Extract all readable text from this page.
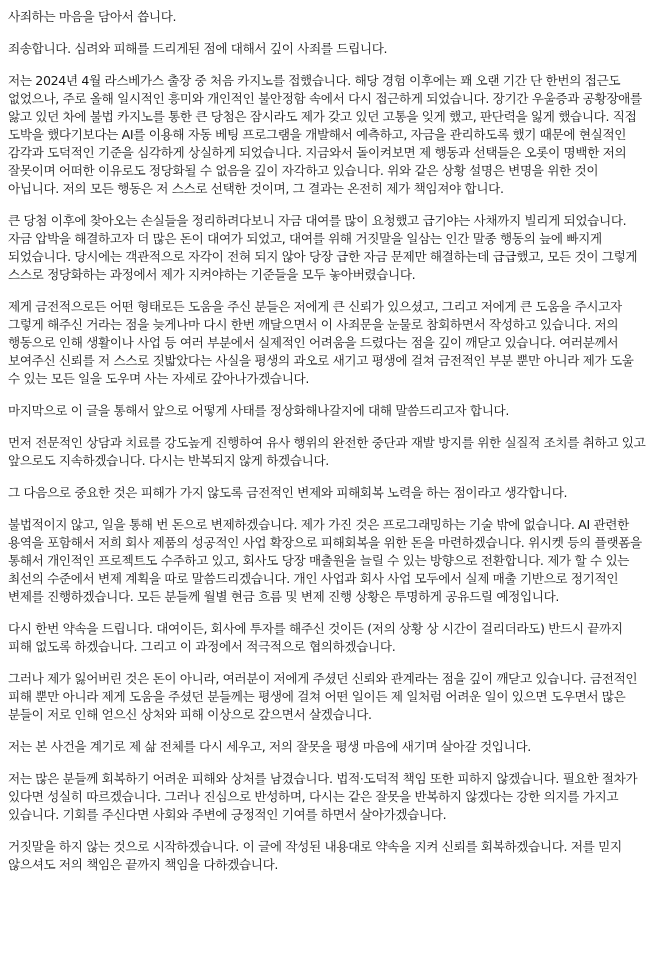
사죄하는 마음을 담아서 씁니다.

죄송합니다. 심려와 피해를 드리게된 점에 대해서 깊이 사죄를 드립니다.

저는 2024년 4월 라스베가스 출장 중 처음 카지노를 접했습니다. 해당 경험 이후에는 꽤 오랜 기간 단 한번의 접근도 없었으나, 주로 올해 일시적인 흥미와 개인적인 불안정함 속에서 다시 접근하게 되었습니다. 장기간 우울증과 공황장애를 앓고 있던 차에 불법 카지노를 통한 큰 당첨은 잠시라도 제가 갖고 있던 고통을 잊게 했고, 판단력을 잃게 했습니다. 직접 도박을 했다기보다는 AI를 이용해 자동 베팅 프로그램을 개발해서 예측하고, 자금을 관리하도록 했기 때문에 현실적인 감각과 도덕적인 기준을 심각하게 상실하게 되었습니다. 지금와서 돌이켜보면 제 행동과 선택들은 오롯이 명백한 저의 잘못이며 어떠한 이유로도 정당화될 수 없음을 깊이 자각하고 있습니다. 위와 같은 상황 설명은 변명을 위한 것이 아닙니다. 저의 모든 행동은 저 스스로 선택한 것이며, 그 결과는 온전히 제가 책임져야 합니다.

큰 당첨 이후에 찾아오는 손실들을 정리하려다보니 자금 대여를 많이 요청했고 급기야는 사채까지 빌리게 되었습니다. 자금 압박을 해결하고자 더 많은 돈이 대여가 되었고, 대여를 위해 거짓말을 일삼는 인간 말종 행동의 늪에 빠지게 되었습니다. 당시에는 객관적으로 자각이 전혀 되지 않아 당장 급한 자금 문제만 해결하는데 급급했고, 모든 것이 그렇게 스스로 정당화하는 과정에서 제가 지켜야하는 기준들을 모두 놓아버렸습니다.

제게 금전적으로든 어떤 형태로든 도움을 주신 분들은 저에게 큰 신뢰가 있으셨고, 그리고 저에게 큰 도움을 주시고자 그렇게 해주신 거라는 점을 늦게나마 다시 한번 깨달으면서 이 사죄문을 눈물로 참회하면서 작성하고 있습니다. 저의 행동으로 인해 생활이나 사업 등 여러 부분에서 실제적인 어려움을 드렸다는 점을 깊이 깨닫고 있습니다. 여러분께서 보여주신 신뢰를 저 스스로 짓밟았다는 사실을 평생의 과오로 새기고 평생에 걸쳐 금전적인 부분 뿐만 아니라 제가 도울 수 있는 모든 일을 도우며 사는 자세로 갚아나가겠습니다.

마지막으로 이 글을 통해서 앞으로 어떻게 사태를 정상화해나갈지에 대해 말씀드리고자 합니다.

먼저 전문적인 상담과 치료를 강도높게 진행하여 유사 행위의 완전한 중단과 재발 방지를 위한 실질적 조치를 취하고 있고 앞으로도 지속하겠습니다. 다시는 반복되지 않게 하겠습니다.

그 다음으로 중요한 것은 피해가 가지 않도록 금전적인 변제와 피해회복 노력을 하는 점이라고 생각합니다.

불법적이지 않고, 일을 통해 번 돈으로 변제하겠습니다. 제가 가진 것은 프로그래밍하는 기술 밖에 없습니다. AI 관련한 용역을 포함해서 저희 회사 제품의 성공적인 사업 확장으로 피해회복을 위한 돈을 마련하겠습니다. 위시켓 등의 플랫폼을 통해서 개인적인 프로젝트도 수주하고 있고, 회사도 당장 매출원을 늘릴 수 있는 방향으로 전환합니다. 제가 할 수 있는 최선의 수준에서 변제 계획을 따로 말씀드리겠습니다. 개인 사업과 회사 사업 모두에서 실제 매출 기반으로 정기적인 변제를 진행하겠습니다. 모든 분들께 월별 현금 흐름 및 변제 진행 상황은 투명하게 공유드릴 예정입니다.

다시 한번 약속을 드립니다. 대여이든, 회사에 투자를 해주신 것이든 (저의 상황 상 시간이 걸리더라도) 반드시 끝까지 피해 없도록 하겠습니다. 그리고 이 과정에서 적극적으로 협의하겠습니다.

그러나 제가 잃어버린 것은 돈이 아니라, 여러분이 저에게 주셨던 신뢰와 관계라는 점을 깊이 깨닫고 있습니다. 금전적인 피해 뿐만 아니라 제게 도움을 주셨던 분들께는 평생에 걸쳐 어떤 일이든 제 일처럼 어려운 일이 있으면 도우면서 많은 분들이 저로 인해 얻으신 상처와 피해 이상으로 갚으면서 살겠습니다.

저는 본 사건을 계기로 제 삶 전체를 다시 세우고, 저의 잘못을 평생 마음에 새기며 살아갈 것입니다.

저는 많은 분들께 회복하기 어려운 피해와 상처를 남겼습니다. 법적·도덕적 책임 또한 피하지 않겠습니다. 필요한 절차가 있다면 성실히 따르겠습니다. 그러나 진심으로 반성하며, 다시는 같은 잘못을 반복하지 않겠다는 강한 의지를 가지고 있습니다. 기회를 주신다면 사회와 주변에 긍정적인 기여를 하면서 살아가겠습니다.

거짓말을 하지 않는 것으로 시작하겠습니다. 이 글에 작성된 내용대로 약속을 지켜 신뢰를 회복하겠습니다. 저를 믿지 않으셔도 저의 책임은 끝까지 책임을 다하겠습니다.
